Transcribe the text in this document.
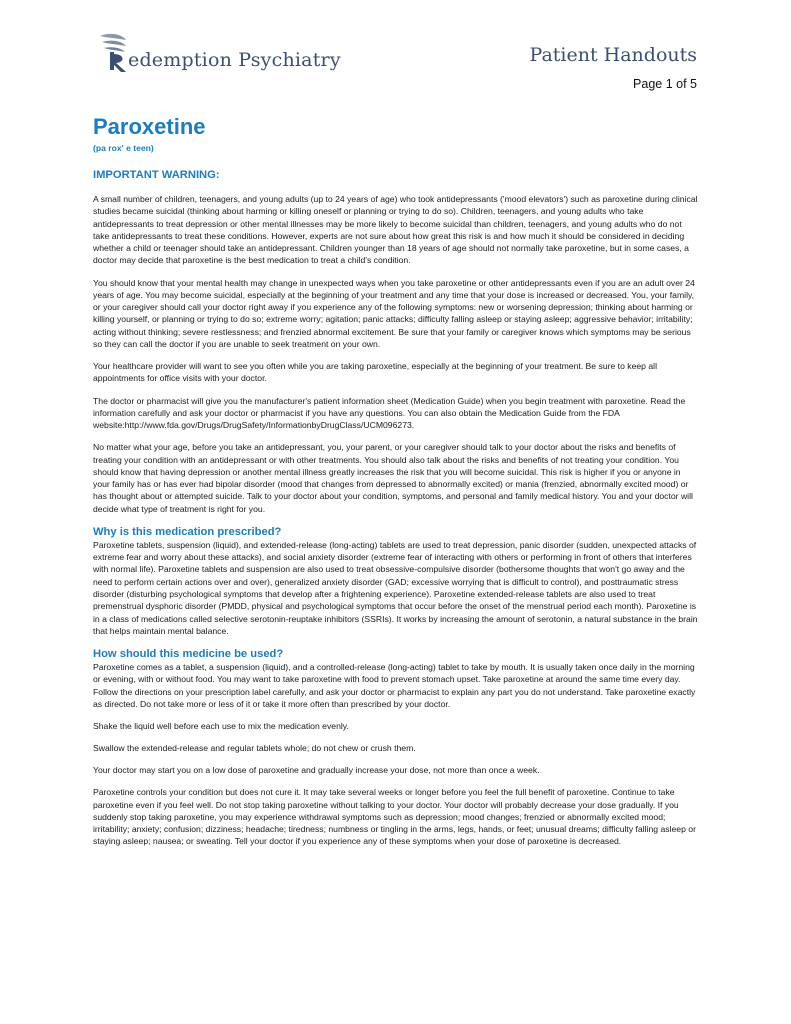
edemption Psychiatry	Patient Handouts
Page 1 of 5
Paroxetine
(pa rox' e teen)
IMPORTANT WARNING:

A small number of children, teenagers, and young adults (up to 24 years of age) who took antidepressants ('mood elevators') such as paroxetine during clinical studies became suicidal (thinking about harming or killing oneself or planning or trying to do so). Children, teenagers, and young adults who take antidepressants to treat depression or other mental illnesses may be more likely to become suicidal than children, teenagers, and young adults who do not take antidepressants to treat these conditions. However, experts are not sure about how great this risk is and how much it should be considered in deciding whether a child or teenager should take an antidepressant. Children younger than 18 years of age should not normally take paroxetine, but in some cases, a doctor may decide that paroxetine is the best medication to treat a child's condition.

You should know that your mental health may change in unexpected ways when you take paroxetine or other antidepressants even if you are an adult over 24 years of age. You may become suicidal, especially at the beginning of your treatment and any time that your dose is increased or decreased. You, your family, or your caregiver should call your doctor right away if you experience any of the following symptoms: new or worsening depression; thinking about harming or killing yourself, or planning or trying to do so; extreme worry; agitation; panic attacks; difficulty falling asleep or staying asleep; aggressive behavior; irritability; acting without thinking; severe restlessness; and frenzied abnormal excitement. Be sure that your family or caregiver knows which symptoms may be serious so they can call the doctor if you are unable to seek treatment on your own.

Your healthcare provider will want to see you often while you are taking paroxetine, especially at the beginning of your treatment. Be sure to keep all appointments for office visits with your doctor.

The doctor or pharmacist will give you the manufacturer's patient information sheet (Medication Guide) when you begin treatment with paroxetine. Read the information carefully and ask your doctor or pharmacist if you have any questions. You can also obtain the Medication Guide from the FDA website:http://www.fda.gov/Drugs/DrugSafety/InformationbyDrugClass/UCM096273.

No matter what your age, before you take an antidepressant, you, your parent, or your caregiver should talk to your doctor about the risks and benefits of treating your condition with an antidepressant or with other treatments. You should also talk about the risks and benefits of not treating your condition. You should know that having depression or another mental illness greatly increases the risk that you will become suicidal. This risk is higher if you or anyone in your family has or has ever had bipolar disorder (mood that changes from depressed to abnormally excited) or mania (frenzied, abnormally excited mood) or has thought about or attempted suicide. Talk to your doctor about your condition, symptoms, and personal and family medical history. You and your doctor will decide what type of treatment is right for you.

Why is this medication prescribed?

Paroxetine tablets, suspension (liquid), and extended-release (long-acting) tablets are used to treat depression, panic disorder (sudden, unexpected attacks of extreme fear and worry about these attacks), and social anxiety disorder (extreme fear of interacting with others or performing in front of others that interferes with normal life). Paroxetine tablets and suspension are also used to treat obsessive-compulsive disorder (bothersome thoughts that won't go away and the need to perform certain actions over and over), generalized anxiety disorder (GAD; excessive worrying that is difficult to control), and posttraumatic stress disorder (disturbing psychological symptoms that develop after a frightening experience). Paroxetine extended-release tablets are also used to treat premenstrual dysphoric disorder (PMDD, physical and psychological symptoms that occur before the onset of the menstrual period each month). Paroxetine is in a class of medications called selective serotonin-reuptake inhibitors (SSRIs). It works by increasing the amount of serotonin, a natural substance in the brain that helps maintain mental balance.

How should this medicine be used?

Paroxetine comes as a tablet, a suspension (liquid), and a controlled-release (long-acting) tablet to take by mouth. It is usually taken once daily in the morning or evening, with or without food. You may want to take paroxetine with food to prevent stomach upset. Take paroxetine at around the same time every day. Follow the directions on your prescription label carefully, and ask your doctor or pharmacist to explain any part you do not understand. Take paroxetine exactly as directed. Do not take more or less of it or take it more often than prescribed by your doctor.

Shake the liquid well before each use to mix the medication evenly.

Swallow the extended-release and regular tablets whole; do not chew or crush them.

Your doctor may start you on a low dose of paroxetine and gradually increase your dose, not more than once a week.

Paroxetine controls your condition but does not cure it. It may take several weeks or longer before you feel the full benefit of paroxetine. Continue to take paroxetine even if you feel well. Do not stop taking paroxetine without talking to your doctor. Your doctor will probably decrease your dose gradually. If you suddenly stop taking paroxetine, you may experience withdrawal symptoms such as depression; mood changes; frenzied or abnormally excited mood; irritability; anxiety; confusion; dizziness; headache; tiredness; numbness or tingling in the arms, legs, hands, or feet; unusual dreams; difficulty falling asleep or staying asleep; nausea; or sweating. Tell your doctor if you experience any of these symptoms when your dose of paroxetine is decreased.
